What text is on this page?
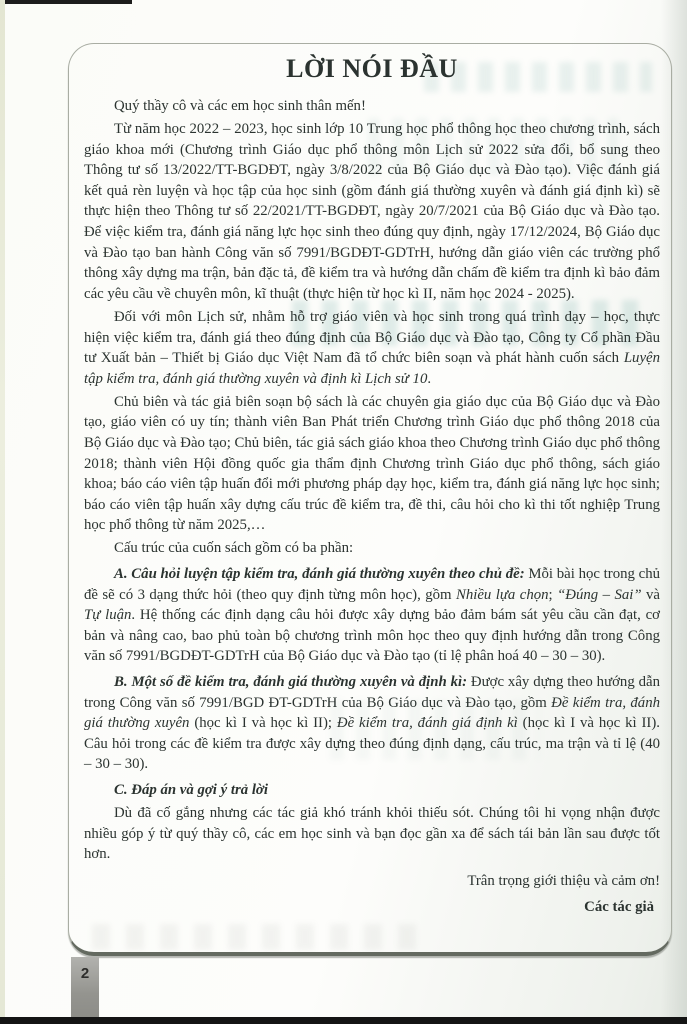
LỜI NÓI ĐẦU

Quý thầy cô và các em học sinh thân mến!

Từ năm học 2022 – 2023, học sinh lớp 10 Trung học phổ thông học theo chương trình, sách giáo khoa mới (Chương trình Giáo dục phổ thông môn Lịch sử 2022 sửa đổi, bổ sung theo Thông tư số 13/2022/TT-BGDĐT, ngày 3/8/2022 của Bộ Giáo dục và Đào tạo). Việc đánh giá kết quả rèn luyện và học tập của học sinh (gồm đánh giá thường xuyên và đánh giá định kì) sẽ thực hiện theo Thông tư số 22/2021/TT-BGDĐT, ngày 20/7/2021 của Bộ Giáo dục và Đào tạo. Để việc kiểm tra, đánh giá năng lực học sinh theo đúng quy định, ngày 17/12/2024, Bộ Giáo dục và Đào tạo ban hành Công văn số 7991/BGDĐT-GDTrH, hướng dẫn giáo viên các trường phổ thông xây dựng ma trận, bản đặc tả, đề kiểm tra và hướng dẫn chấm đề kiểm tra định kì bảo đảm các yêu cầu về chuyên môn, kĩ thuật (thực hiện từ học kì II, năm học 2024 - 2025).

Đối với môn Lịch sử, nhằm hỗ trợ giáo viên và học sinh trong quá trình dạy – học, thực hiện việc kiểm tra, đánh giá theo đúng định của Bộ Giáo dục và Đào tạo, Công ty Cổ phần Đầu tư Xuất bản – Thiết bị Giáo dục Việt Nam đã tổ chức biên soạn và phát hành cuốn sách Luyện tập kiểm tra, đánh giá thường xuyên và định kì Lịch sử 10.

Chủ biên và tác giả biên soạn bộ sách là các chuyên gia giáo dục của Bộ Giáo dục và Đào tạo, giáo viên có uy tín; thành viên Ban Phát triển Chương trình Giáo dục phổ thông 2018 của Bộ Giáo dục và Đào tạo; Chủ biên, tác giả sách giáo khoa theo Chương trình Giáo dục phổ thông 2018; thành viên Hội đồng quốc gia thẩm định Chương trình Giáo dục phổ thông, sách giáo khoa; báo cáo viên tập huấn đổi mới phương pháp dạy học, kiểm tra, đánh giá năng lực học sinh; báo cáo viên tập huấn xây dựng cấu trúc đề kiểm tra, đề thi, câu hỏi cho kì thi tốt nghiệp Trung học phổ thông từ năm 2025,…

Cấu trúc của cuốn sách gồm có ba phần:

A. Câu hỏi luyện tập kiểm tra, đánh giá thường xuyên theo chủ đề: Mỗi bài học trong chủ đề sẽ có 3 dạng thức hỏi (theo quy định từng môn học), gồm Nhiều lựa chọn; “Đúng – Sai” và Tự luận. Hệ thống các định dạng câu hỏi được xây dựng bảo đảm bám sát yêu cầu cần đạt, cơ bản và nâng cao, bao phủ toàn bộ chương trình môn học theo quy định hướng dẫn trong Công văn số 7991/BGDĐT-GDTrH của Bộ Giáo dục và Đào tạo (tỉ lệ phân hoá 40 – 30 – 30).

B. Một số đề kiểm tra, đánh giá thường xuyên và định kì: Được xây dựng theo hướng dẫn trong Công văn số 7991/BGD ĐT-GDTrH của Bộ Giáo dục và Đào tạo, gồm Đề kiểm tra, đánh giá thường xuyên (học kì I và học kì II); Đề kiểm tra, đánh giá định kì (học kì I và học kì II). Câu hỏi trong các đề kiểm tra được xây dựng theo đúng định dạng, cấu trúc, ma trận và tỉ lệ (40 – 30 – 30).

C. Đáp án và gợi ý trả lời

Dù đã cố gắng nhưng các tác giả khó tránh khỏi thiếu sót. Chúng tôi hi vọng nhận được nhiều góp ý từ quý thầy cô, các em học sinh và bạn đọc gần xa để sách tái bản lần sau được tốt hơn.

Trân trọng giới thiệu và cảm ơn!

Các tác giả

2
